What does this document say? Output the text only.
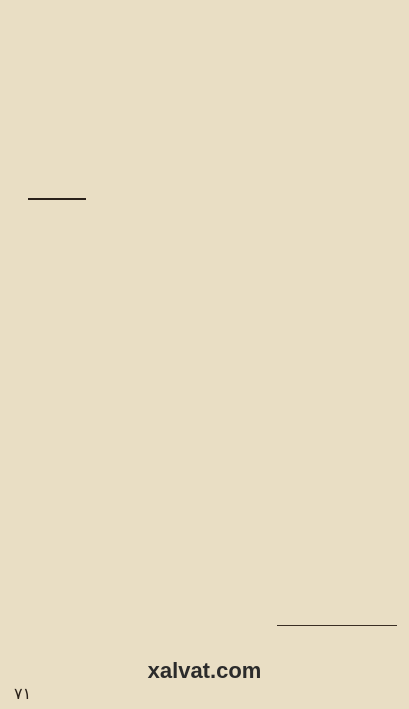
xalvat.com
۷۱
